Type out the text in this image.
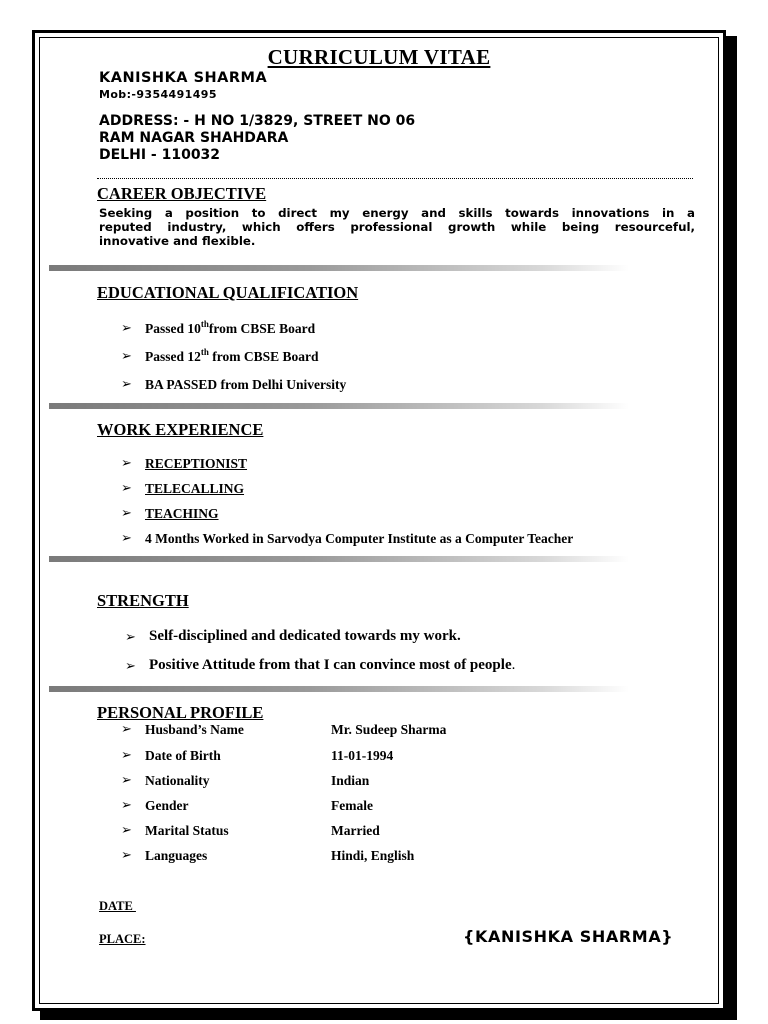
CURRICULUM VITAE
KANISHKA SHARMA
Mob:-9354491495
ADDRESS: - H NO 1/3829, STREET NO 06
RAM NAGAR SHAHDARA
DELHI - 110032
CAREER OBJECTIVE
Seeking a position to direct my energy and skills towards innovations in a
reputed industry, which offers professional growth while being resourceful,
innovative and flexible.
EDUCATIONAL QUALIFICATION
➢ Passed 10thfrom CBSE Board
➢ Passed 12th from CBSE Board
➢ BA PASSED from Delhi University
WORK EXPERIENCE
➢ RECEPTIONIST
➢ TELECALLING
➢ TEACHING
➢ 4 Months Worked in Sarvodya Computer Institute as a Computer Teacher
STRENGTH
➢ Self-disciplined and dedicated towards my work.
➢ Positive Attitude from that I can convince most of people.
PERSONAL PROFILE
➢ Husband’s Name	Mr. Sudeep Sharma
➢ Date of Birth	11-01-1994
➢ Nationality	Indian
➢ Gender	Female
➢ Marital Status	Married
➢ Languages	Hindi, English
DATE
PLACE:	{KANISHKA SHARMA}
